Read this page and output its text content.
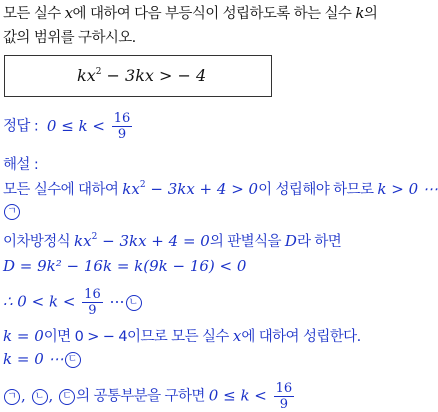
모든 실수 x에 대하여 다음 부등식이 성립하도록 하는 실수 k의
값의 범위를 구하시오.
$kx^2 - 3kx$ > − 4
정답 : $0 \le k < \frac{16}{9}$
해설 :
모든 실수에 대하여 $kx^2 - 3kx + 4 > 0$이 성립해야 하므로 k > 0 ⋯
ㄱ
이차방정식 $kx^2 - 3kx + 4 = 0$의 판별식을 D라 하면
D = 9k² − 16k = k(9k − 16) < 0
∴ $0 < k < \frac{16}{9}$ ⋯ ㄴ
k = 0이면 0 > − 4이므로 모든 실수 x에 대하여 성립한다.
k = 0 ⋯ ㄷ
ㄱ , ㄴ , ㄷ 의 공통부분을 구하면 $0 \le k < \frac{16}{9}$
